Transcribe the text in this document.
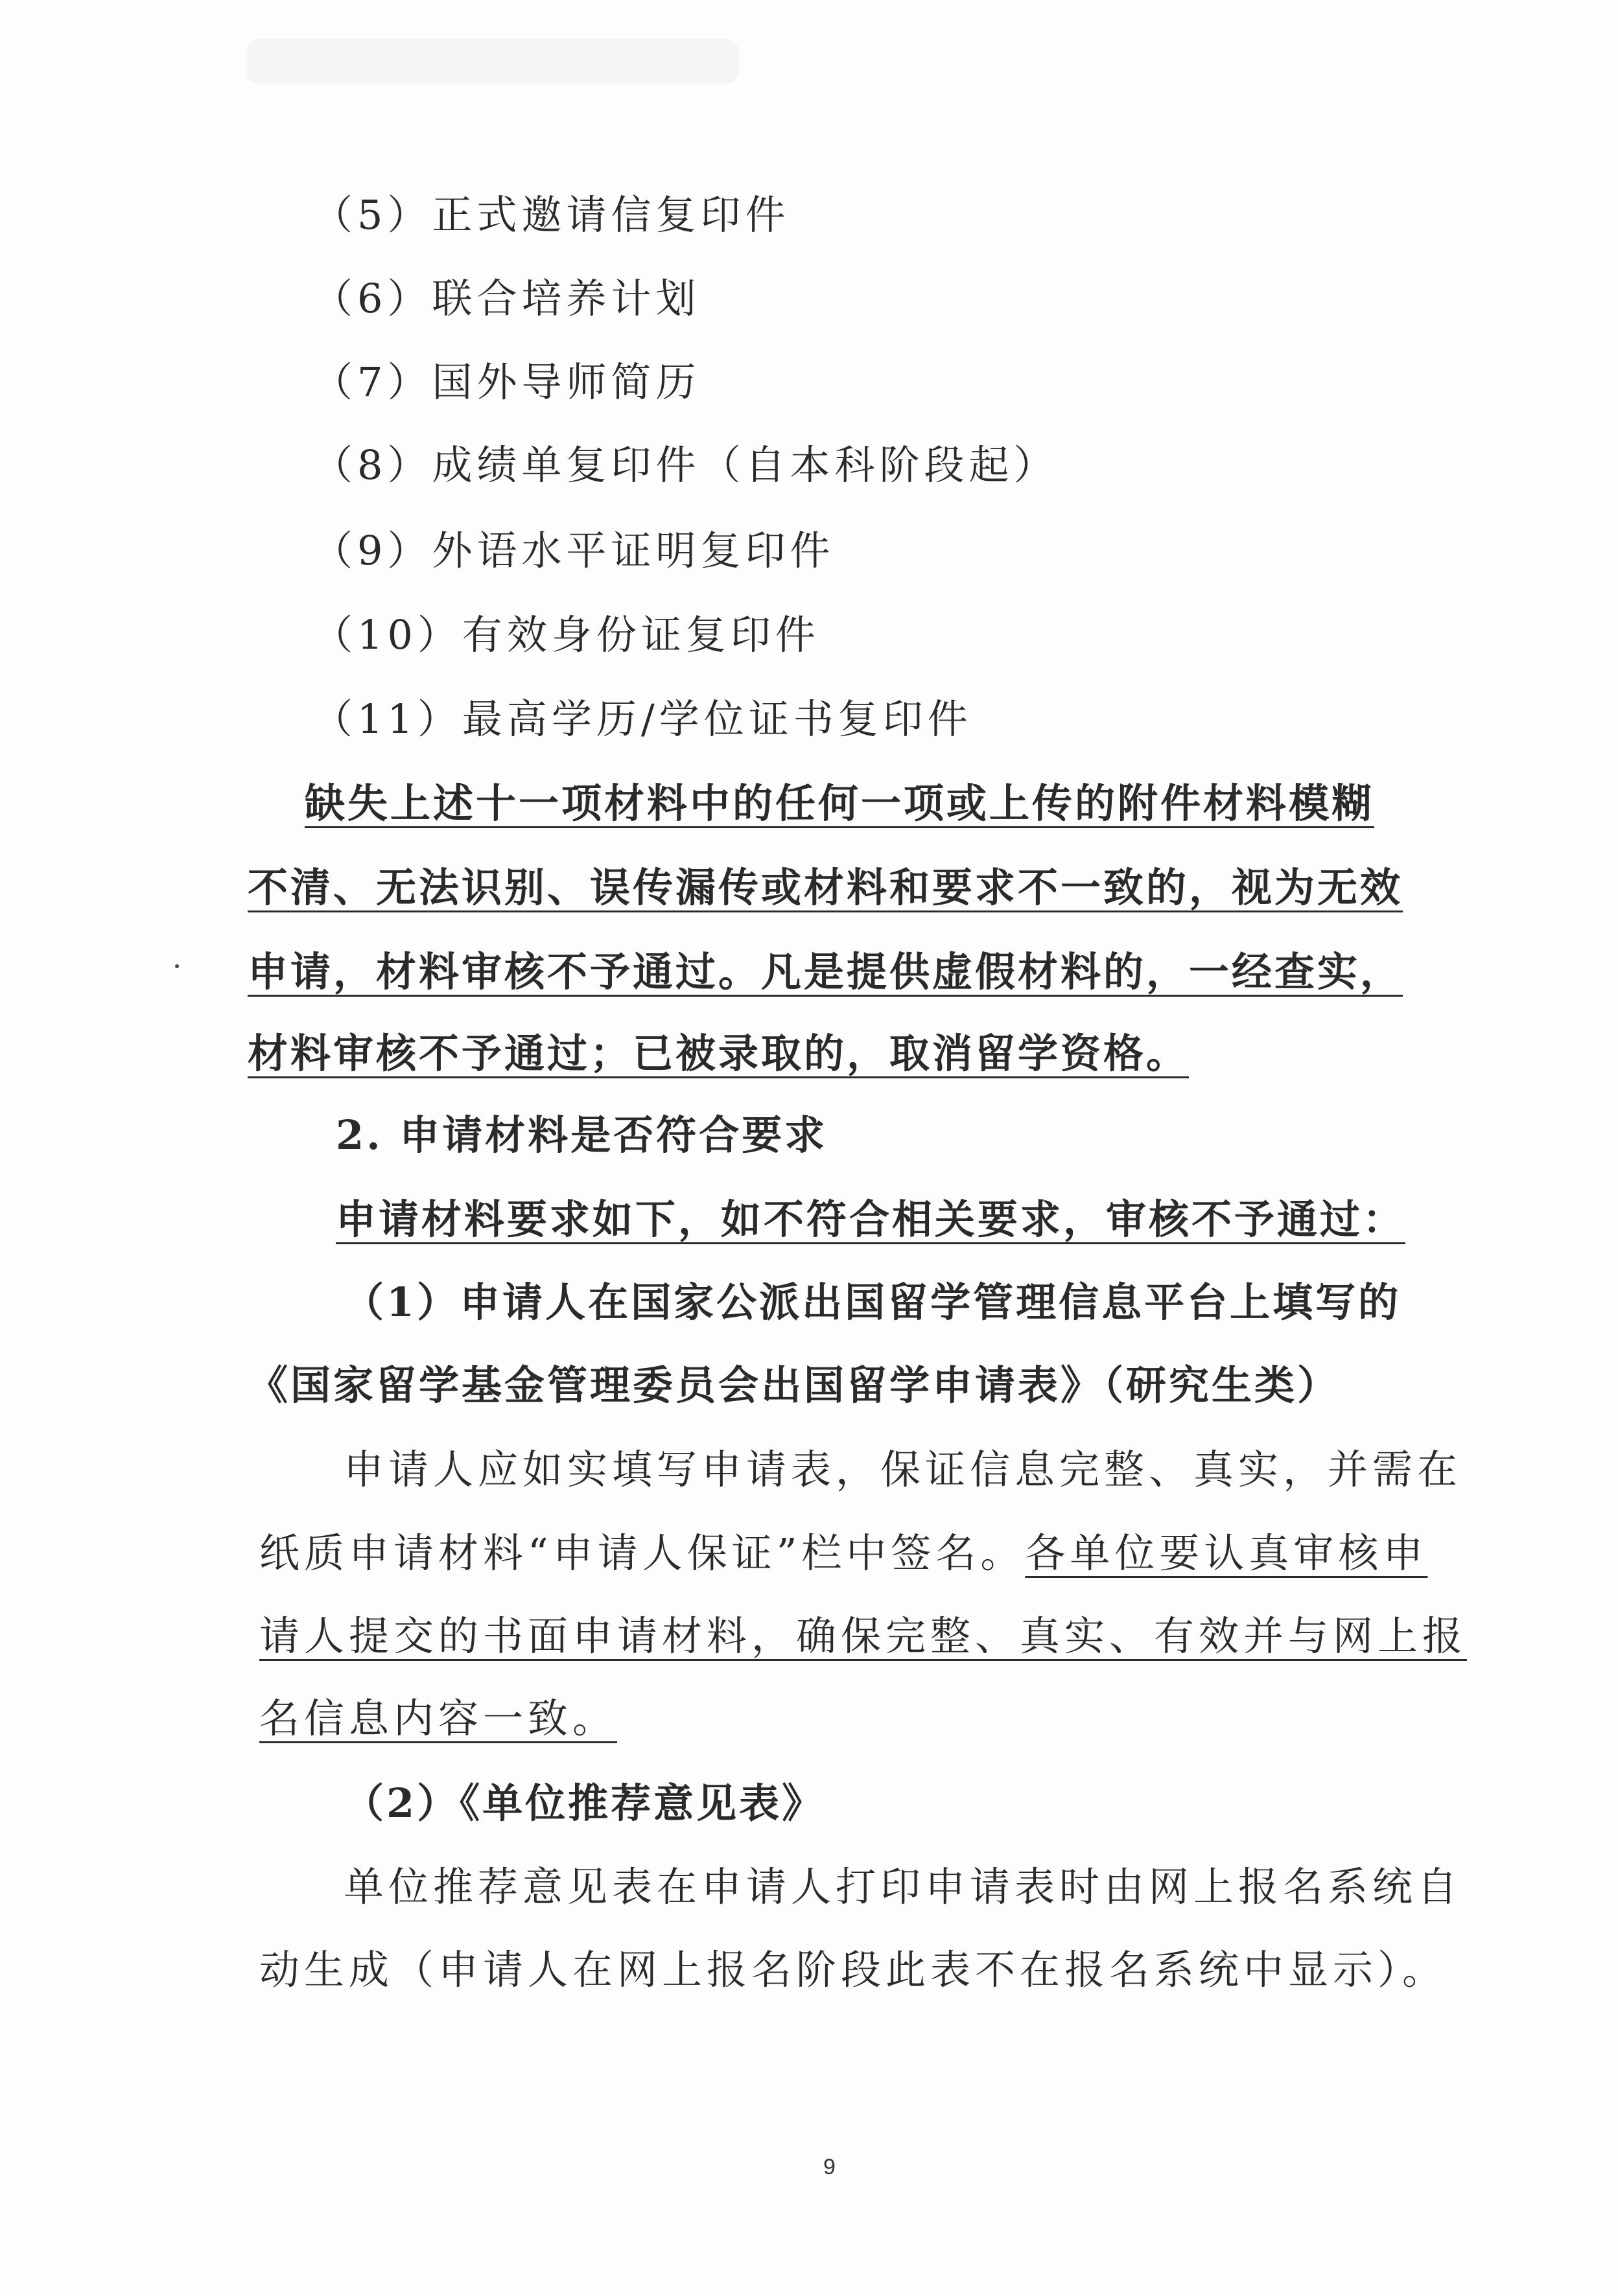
（5）正式邀请信复印件
（6）联合培养计划
（7）国外导师简历
（8）成绩单复印件（自本科阶段起）
（9）外语水平证明复印件
（10）有效身份证复印件
（11）最高学历/学位证书复印件
缺失上述十一项材料中的任何一项或上传的附件材料模糊
不清、无法识别、误传漏传或材料和要求不一致的，视为无效
申请，材料审核不予通过。凡是提供虚假材料的，一经查实，
材料审核不予通过；已被录取的，取消留学资格。
2. 申请材料是否符合要求
申请材料要求如下，如不符合相关要求，审核不予通过：
（1）申请人在国家公派出国留学管理信息平台上填写的
《国家留学基金管理委员会出国留学申请表》（研究生类）
申请人应如实填写申请表，保证信息完整、真实，并需在
纸质申请材料“申请人保证”栏中签名。各单位要认真审核申
请人提交的书面申请材料，确保完整、真实、有效并与网上报
名信息内容一致。
（2）《单位推荐意见表》
单位推荐意见表在申请人打印申请表时由网上报名系统自
动生成（申请人在网上报名阶段此表不在报名系统中显示）。
9
